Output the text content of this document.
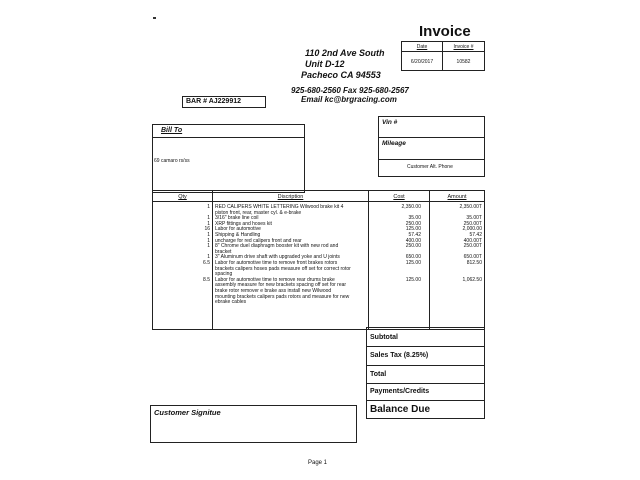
Invoice
Date	Invoice #
6/20/2017	10582
110 2nd Ave South
Unit D-12
Pacheco CA 94553
925-680-2560 Fax 925-680-2567
Email kc@brgracing.com
BAR # AJ229912
Bill To
69 camaro rs/ss
Vin #
Mileage
Customer Alt. Phone
Qty	Discription	Cost	Amount
1	RED CALIPERS WHITE LETTERING Wilwood brake kit 4	2,350.00	2,350.00T
piston front, rear, master cyl. & e-brake
1	3/16" brake line coil	35.00	35.00T
1	XRP fittings and hoses kit	250.00	250.00T
16	Labor for automotive	125.00	2,000.00
1	Shipping & Handling	57.42	57.42
1	uncharge for red calipers front and rear	400.00	400.00T
1	8" Chrome duel diaphragm booster kit with new rod and	250.00	250.00T
bracket
1	3" Aluminum drive shaft with upgraded yoke and U joints	650.00	650.00T
6.5	Labor for automotive time to remove front brakes rotors	125.00	812.50
brackets calipers hoses pads measure off set for correct rotor
spacing
8.5	Labor for automotive time to remove rear drums brake	125.00	1,062.50
assembly measure for new brackets spacing off set for rear
brake rotor remover e brake ass install new Wilwood
mounting brackets calipers pads rotors and measure for new
ebrake cables
Subtotal
Sales Tax (8.25%)
Total
Payments/Credits
Balance Due
Customer Signitue
Page 1
